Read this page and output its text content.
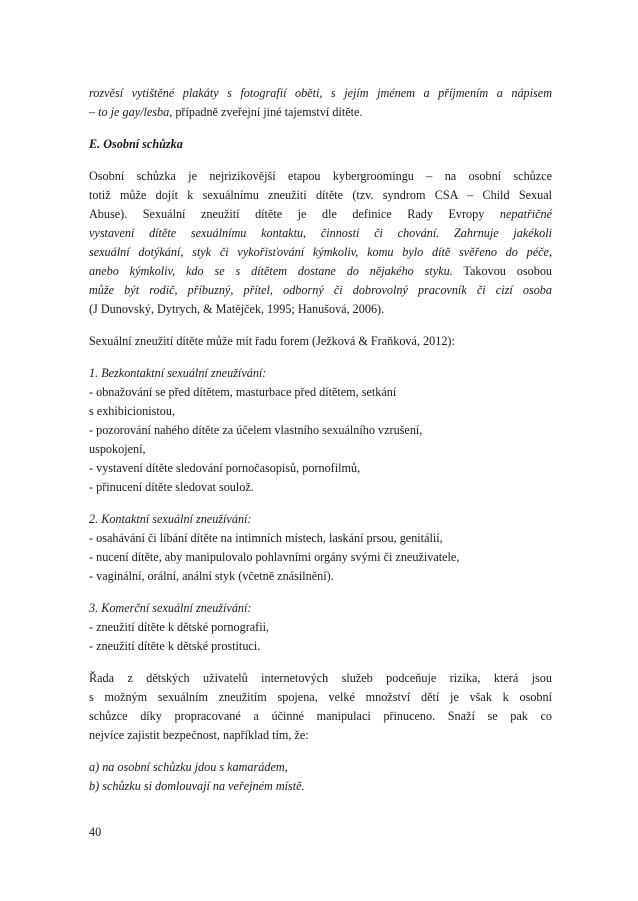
rozvěsí vytištěné plakáty s fotografií oběti, s jejím jménem a příjmením a nápisem
– to je gay/lesba, případně zveřejní jiné tajemství dítěte.
E. Osobní schůzka
Osobní schůzka je nejrizikovější etapou kybergroomingu – na osobní schůzce
totiž může dojít k sexuálnímu zneužití dítěte (tzv. syndrom CSA – Child Sexual
Abuse). Sexuální zneužití dítěte je dle definice Rady Evropy nepatřičné
vystavení dítěte sexuálnímu kontaktu, činnosti či chování. Zahrnuje jakékoli
sexuální dotýkání, styk či vykořisťování kýmkoliv, komu bylo dítě svěřeno do péče,
anebo kýmkoliv, kdo se s dítětem dostane do nějakého styku. Takovou osobou
může být rodič, příbuzný, přítel, odborný či dobrovolný pracovník či cizí osoba
(J Dunovský, Dytrych, & Matějček, 1995; Hanušová, 2006).
Sexuální zneužití dítěte může mít řadu forem (Ježková & Fraňková, 2012):
1. Bezkontaktní sexuální zneužívání:
- obnažování se před dítětem, masturbace před dítětem, setkání
s exhibicionistou,
- pozorování nahého dítěte za účelem vlastního sexuálního vzrušení,
uspokojení,
- vystavení dítěte sledování pornočasopisů, pornofilmů,
- přinucení dítěte sledovat soulož.
2. Kontaktní sexuální zneužívání:
- osahávání či líbání dítěte na intimních místech, laskání prsou, genitálií,
- nucení dítěte, aby manipulovalo pohlavními orgány svými či zneuživatele,
- vaginální, orální, anální styk (včetně znásilnění).
3. Komerční sexuální zneužívání:
- zneužití dítěte k dětské pornografii,
- zneužití dítěte k dětské prostituci.
Řada z dětských uživatelů internetových služeb podceňuje rizika, která jsou
s možným sexuálním zneužitím spojena, velké množství dětí je však k osobní
schůzce díky propracované a účinné manipulaci přinuceno. Snaží se pak co
nejvíce zajistit bezpečnost, například tím, že:
a) na osobní schůzku jdou s kamarádem,
b) schůzku si domlouvají na veřejném místě.
40
